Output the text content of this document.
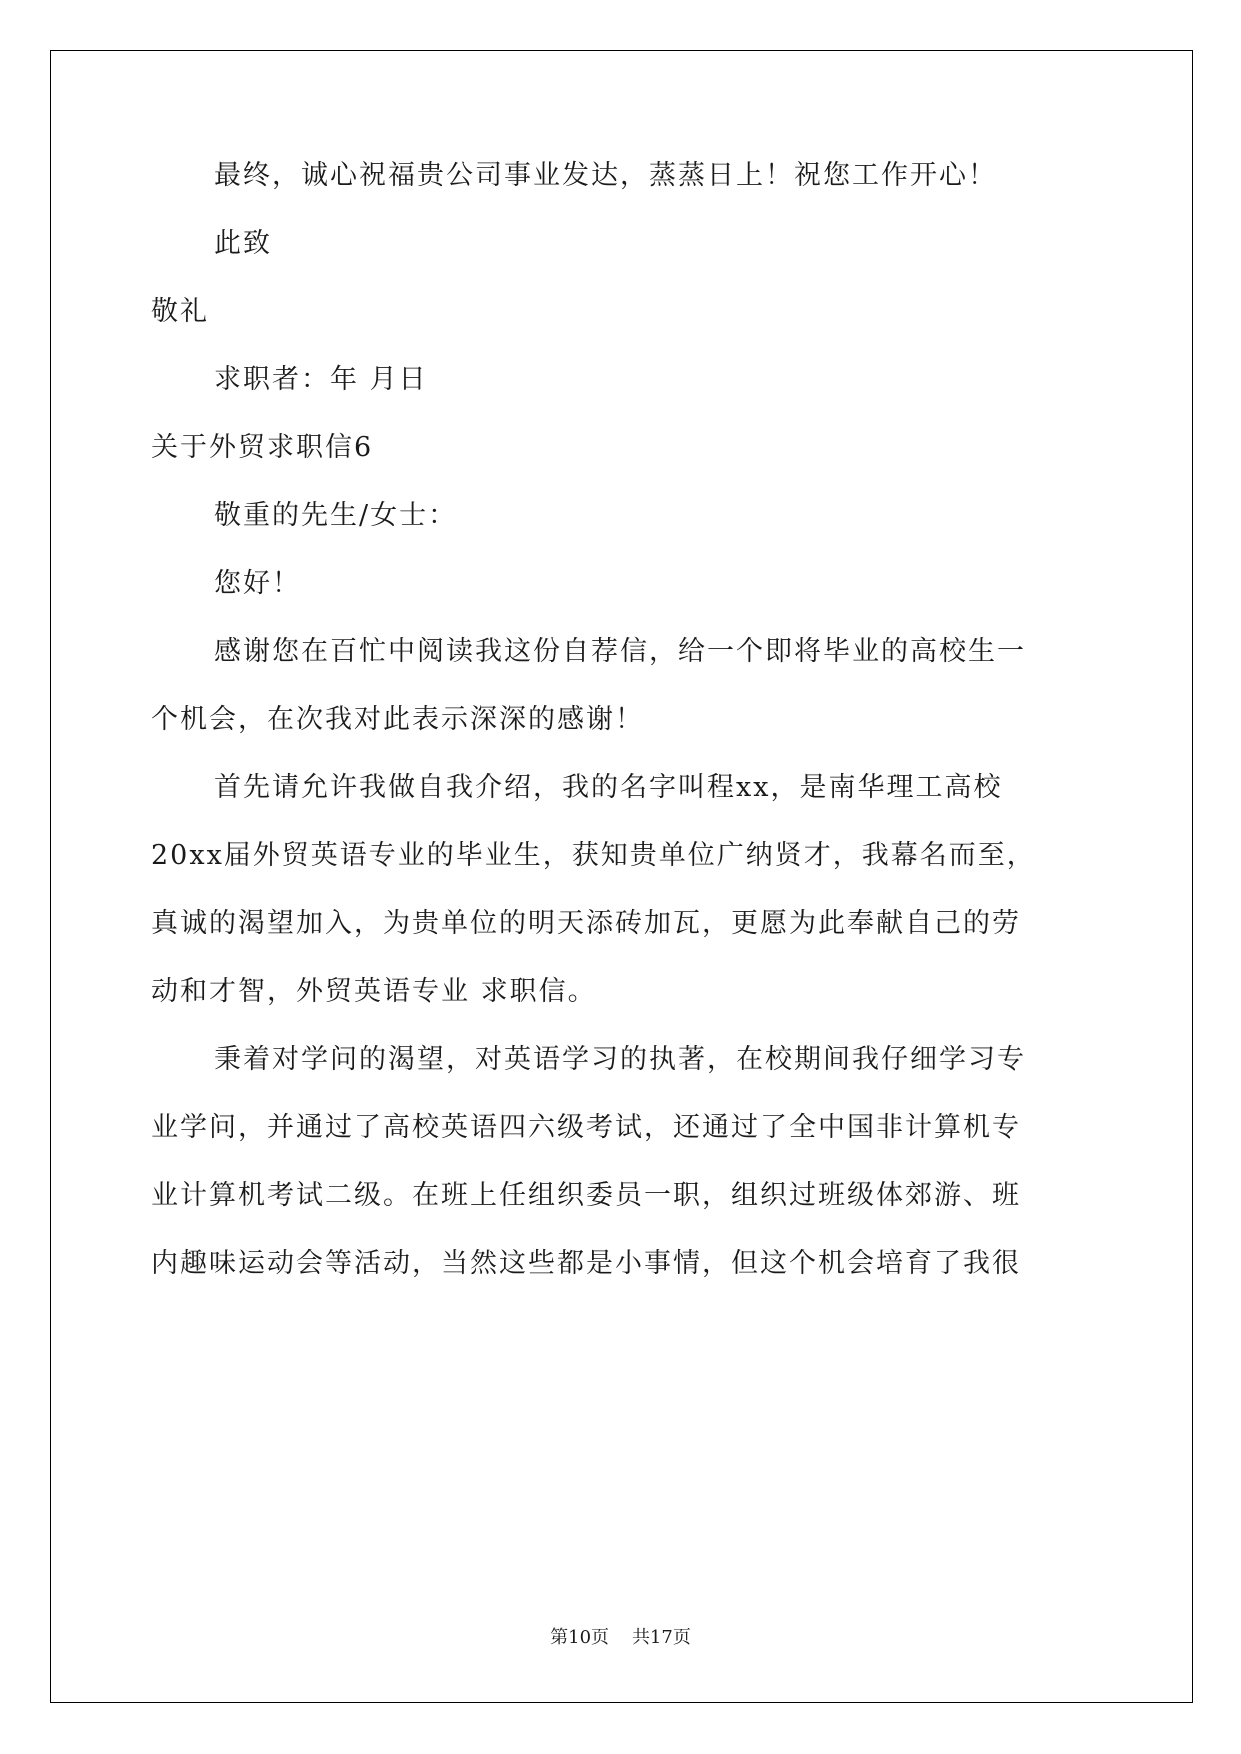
最终，诚心祝福贵公司事业发达，蒸蒸日上！祝您工作开心！
此致
敬礼
求职者：年 月日
关于外贸求职信6
敬重的先生/女士：
您好！
感谢您在百忙中阅读我这份自荐信，给一个即将毕业的高校生一
个机会，在次我对此表示深深的感谢！
首先请允许我做自我介绍，我的名字叫程xx，是南华理工高校
20xx届外贸英语专业的毕业生，获知贵单位广纳贤才，我幕名而至，
真诚的渴望加入，为贵单位的明天添砖加瓦，更愿为此奉献自己的劳
动和才智，外贸英语专业 求职信。
秉着对学问的渴望，对英语学习的执著，在校期间我仔细学习专
业学问，并通过了高校英语四六级考试，还通过了全中国非计算机专
业计算机考试二级。在班上任组织委员一职，组织过班级体郊游、班
内趣味运动会等活动，当然这些都是小事情，但这个机会培育了我很
第10页 共17页
